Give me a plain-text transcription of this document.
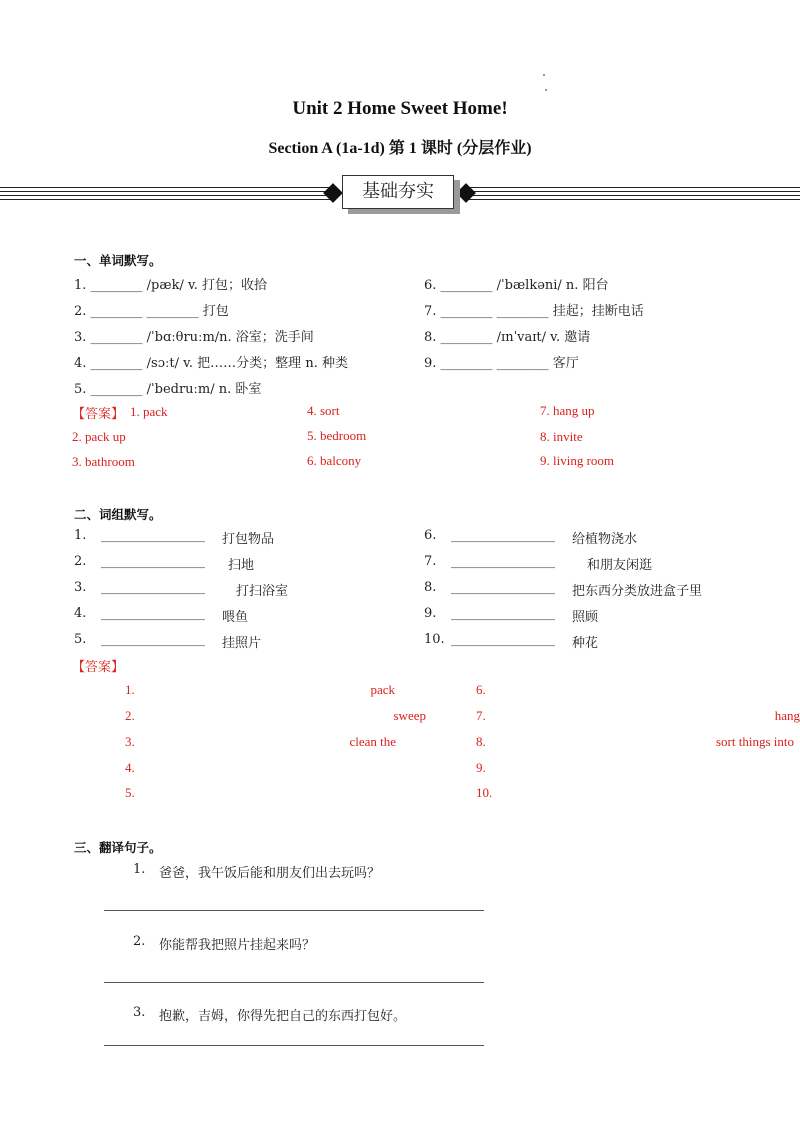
Unit 2 Home Sweet Home!
Section A (1a-1d) 第 1 课时 (分层作业)
基础夯实
一、单词默写。
1. ________ /pæk/ v. 打包；收拾
2. ________ ________ 打包
3. ________ /ˈbɑːθruːm/n. 浴室；洗手间
4. ________ /sɔːt/ v. 把……分类；整理 n. 种类
5. ________ /ˈbedruːm/ n. 卧室
6. ________ /ˈbælkəni/ n. 阳台
7. ________ ________ 挂起；挂断电话
8. ________ /ɪnˈvaɪt/ v. 邀请
9. ________ ________ 客厅
【答案】 1. pack
2. pack up
3. bathroom
4. sort
5. bedroom
6. balcony
7. hang up
8. invite
9. living room
二、词组默写。
1. ________________ 打包物品
2. ________________ 扫地
3. ________________ 打扫浴室
4. ________________ 喂鱼
5. ________________ 挂照片
6. ________________ 给植物浇水
7. ________________ 和朋友闲逛
8. ________________ 把东西分类放进盒子里
9. ________________ 照顾
10. ________________ 种花
【答案】
1.	pack
2.	sweep
3.	clean the
4.
5.
6.
7.	hang
8.	sort things into
9.
10.
三、翻译句子。
1. 爸爸，我午饭后能和朋友们出去玩吗？
2. 你能帮我把照片挂起来吗？
3. 抱歉，吉姆，你得先把自己的东西打包好。
